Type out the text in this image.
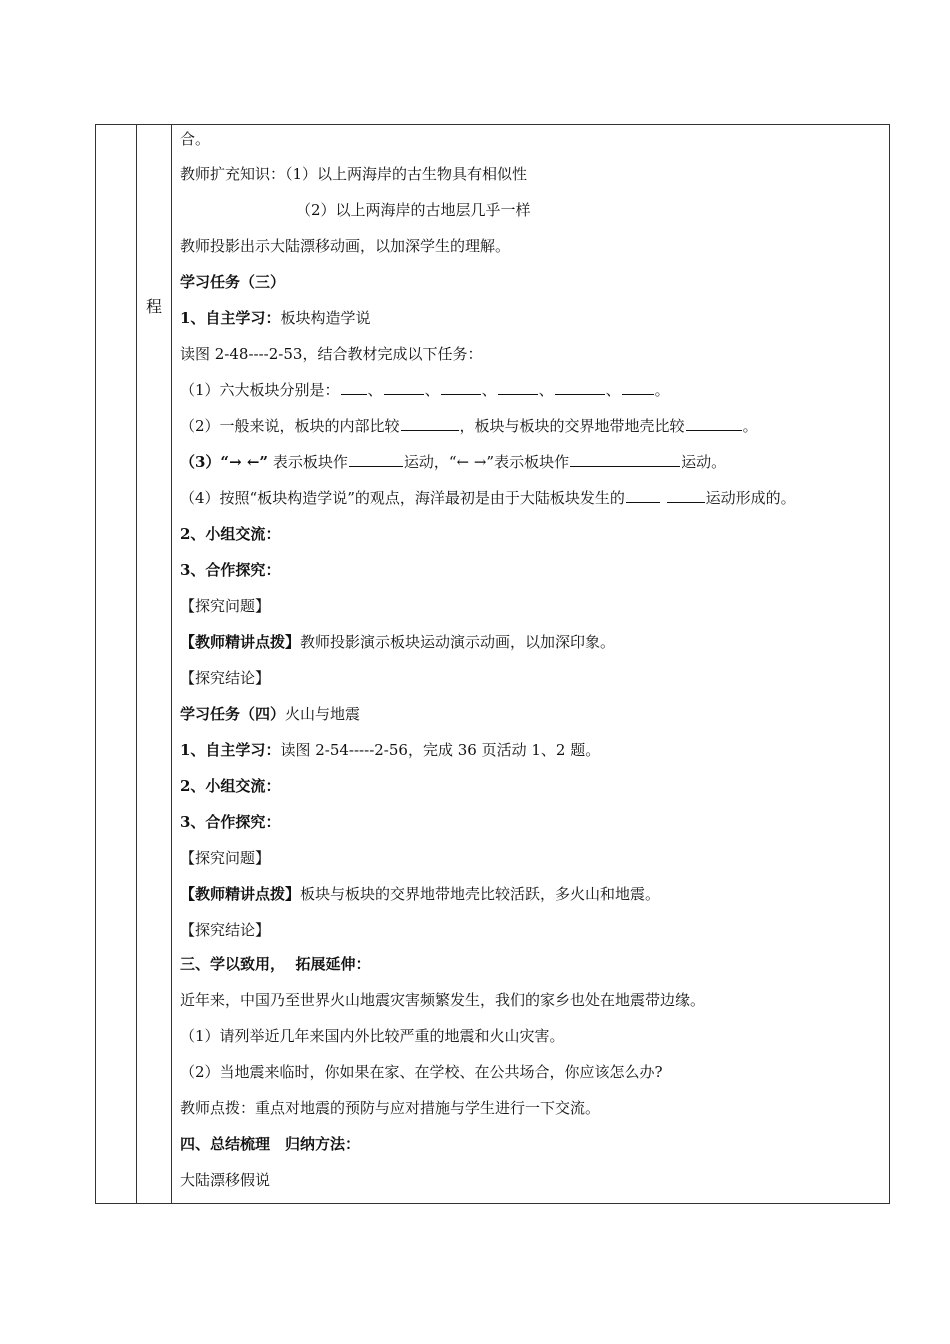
程
合。
教师扩充知识：（1）以上两海岸的古生物具有相似性
（2）以上两海岸的古地层几乎一样
教师投影出示大陆漂移动画，以加深学生的理解。
学习任务（三）
1、自主学习：板块构造学说
读图 2-48----2-53，结合教材完成以下任务：
（1）六大板块分别是： 、	、	、	、	、 。
（2）一般来说，板块的内部比较	，板块与板块的交界地带地壳比较	。
（3）“→ ←” 表示板块作	运动，“← →”表示板块作	运动。
（4）按照“板块构造学说”的观点，海洋最初是由于大陆板块发生的	运动形成的。
2、小组交流：
3、合作探究：
【探究问题】
【教师精讲点拨】教师投影演示板块运动演示动画，以加深印象。
【探究结论】
学习任务（四）火山与地震
1、自主学习：读图 2-54-----2-56，完成 36 页活动 1、2 题。
2、小组交流：
3、合作探究：
【探究问题】
【教师精讲点拨】板块与板块的交界地带地壳比较活跃，多火山和地震。
【探究结论】
三、学以致用， 拓展延伸：
近年来，中国乃至世界火山地震灾害频繁发生，我们的家乡也处在地震带边缘。
（1）请列举近几年来国内外比较严重的地震和火山灾害。
（2）当地震来临时，你如果在家、在学校、在公共场合，你应该怎么办?
教师点拨：重点对地震的预防与应对措施与学生进行一下交流。
四、总结梳理　归纳方法：
大陆漂移假说
